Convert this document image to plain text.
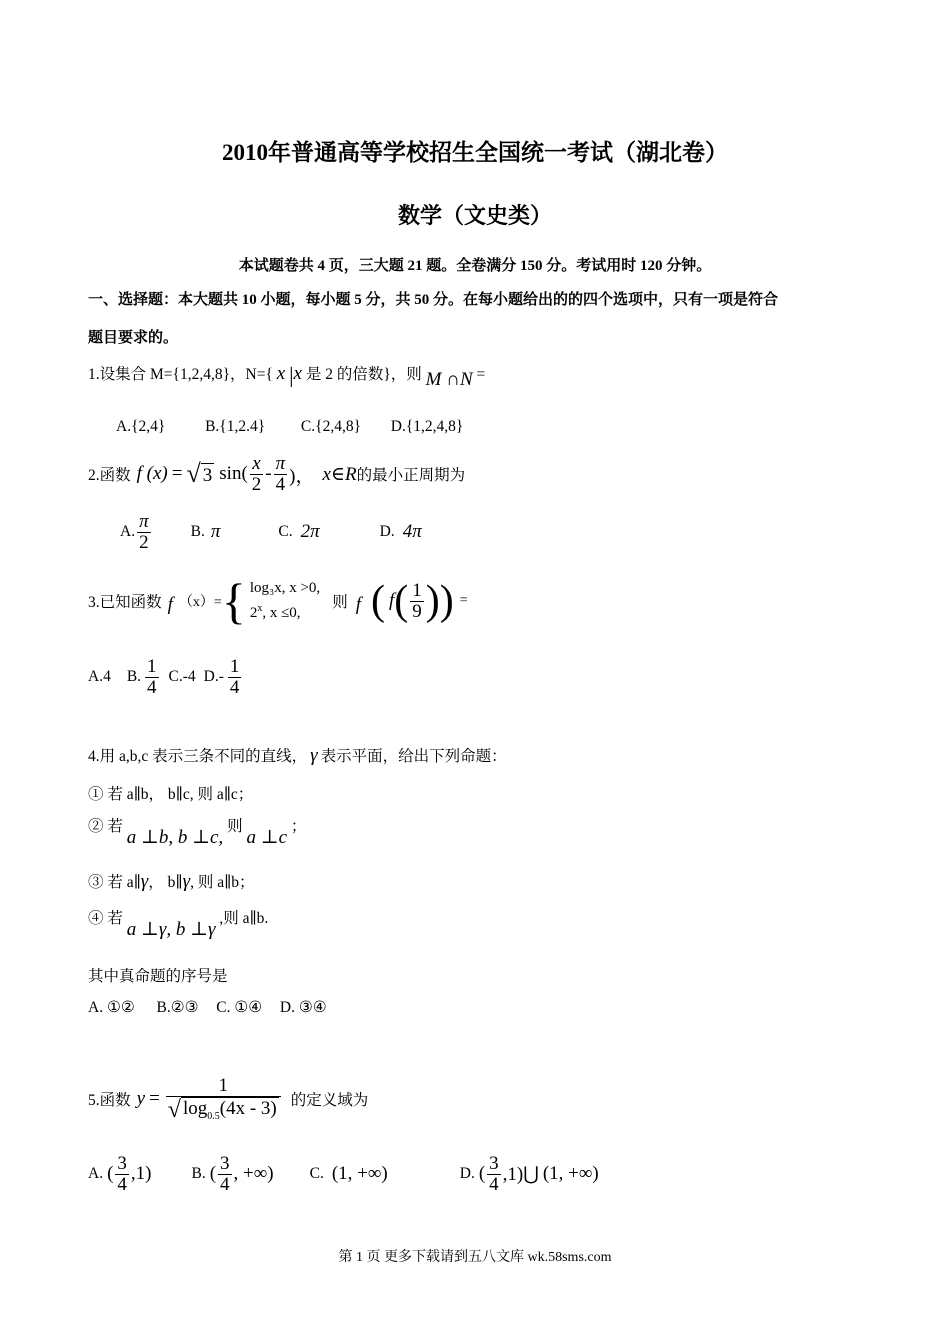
2010年普通高等学校招生全国统一考试（湖北卷）
数学（文史类）
本试题卷共 4 页，三大题 21 题。全卷满分 150 分。考试用时 120 分钟。
一、选择题：本大题共 10 小题，每小题 5 分，共 50 分。在每小题给出的的四个选项中，只有一项是符合
题目要求的。
1.设集合 M={1,2,4,8}，N={ x |x 是 2 的倍数}，则 M ∩N =
A.{2,4}	B.{1,2.4} C.{2,4,8} D.{1,2,4,8}
2.函数 f (x) = √ 3 $\sin( \frac{x}{2} - \frac{\pi}{4}$ )， x∈R 的最小正周期为
A. $\frac{\pi}{2}$	B. π	C. 2π	D. 4π
3.已知函数 f （x）= { log₃x, x >0,
2$^x$, x ≤0,
则 f ( f ( $\frac{1}{9}$ ) ) =
A.4 B. $\frac{1}{4} C.-4$ $D.- \frac{1}{4}$
4.用 a,b,c 表示三条不同的直线， γ 表示平面，给出下列命题：
① 若 a∥b， b∥c, 则 a∥c；
② 若 a ⊥b, b ⊥c, 则 a ⊥c ；
③ 若 a∥γ， b∥γ, 则 a∥b；
④ 若 a ⊥γ, b ⊥γ ,则 a∥b.
其中真命题的序号是
A. ①② B.②③ C. ①④ D. ③④
5.函数 $y = \frac{1}{√ \log_{0.5}(4x - 3)}$ 的定义域为
A. ( $\frac{3}{4} ,1$)	B. ( $\frac{3}{4}$ , +∞) C. (1, +∞)	D. ( $\frac{3}{4}$ ,1)⋃ (1, +∞)
第 1 页 更多下载请到五八文库 wk.58sms.com
